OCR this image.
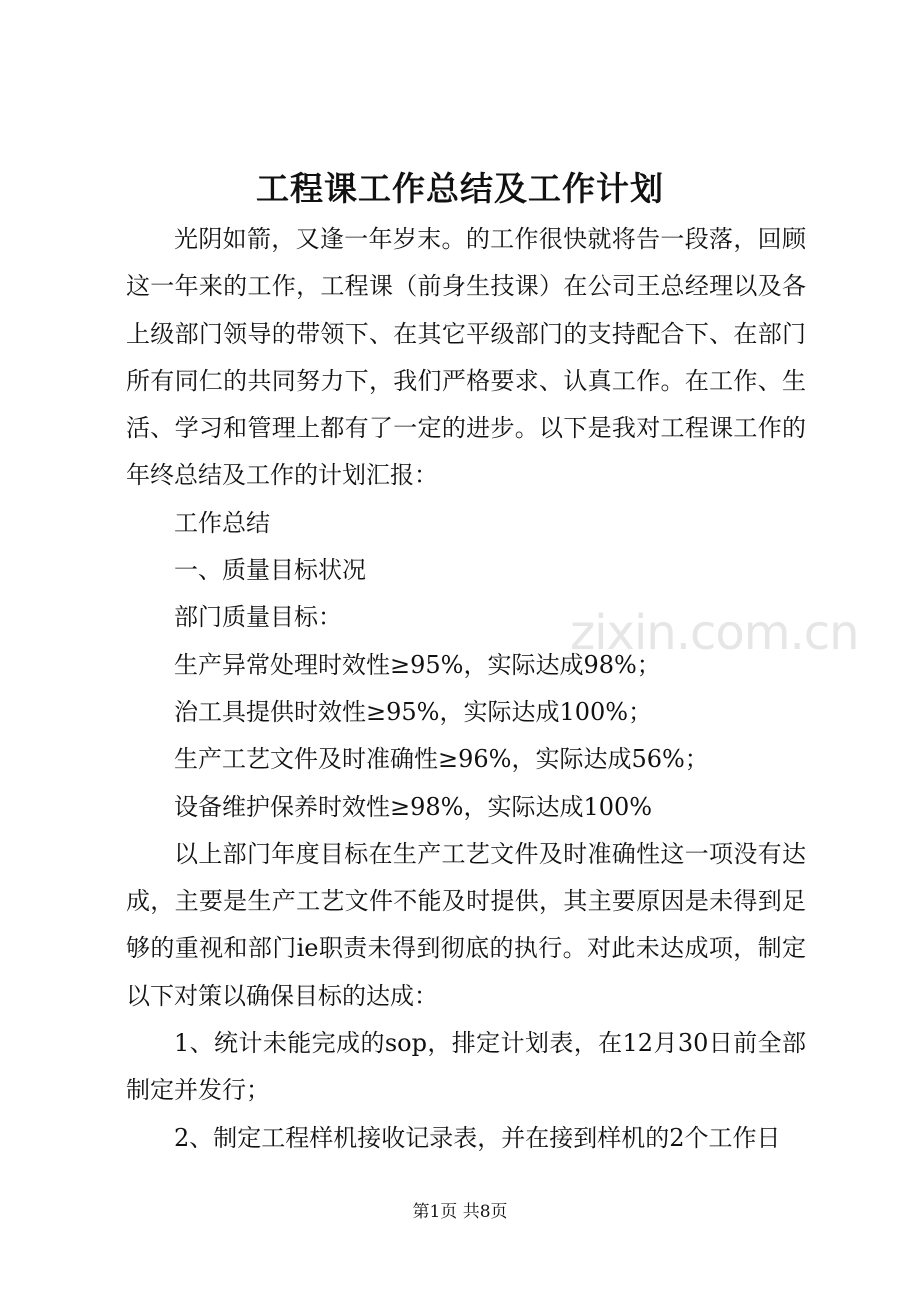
工程课工作总结及工作计划

光阴如箭，又逢一年岁末。的工作很快就将告一段落，回顾这一年来的工作，工程课（前身生技课）在公司王总经理以及各上级部门领导的带领下、在其它平级部门的支持配合下、在部门所有同仁的共同努力下，我们严格要求、认真工作。在工作、生活、学习和管理上都有了一定的进步。以下是我对工程课工作的年终总结及工作的计划汇报：

工作总结

一、质量目标状况

部门质量目标：

生产异常处理时效性≥95%，实际达成98%；

治工具提供时效性≥95%，实际达成100%；

生产工艺文件及时准确性≥96%，实际达成56%；

设备维护保养时效性≥98%，实际达成100%

以上部门年度目标在生产工艺文件及时准确性这一项没有达成，主要是生产工艺文件不能及时提供，其主要原因是未得到足够的重视和部门ie职责未得到彻底的执行。对此未达成项，制定以下对策以确保目标的达成：

1、统计未能完成的sop，排定计划表，在12月30日前全部制定并发行；

2、制定工程样机接收记录表，并在接到样机的2个工作日

zixin.com.cn
第1页 共8页
